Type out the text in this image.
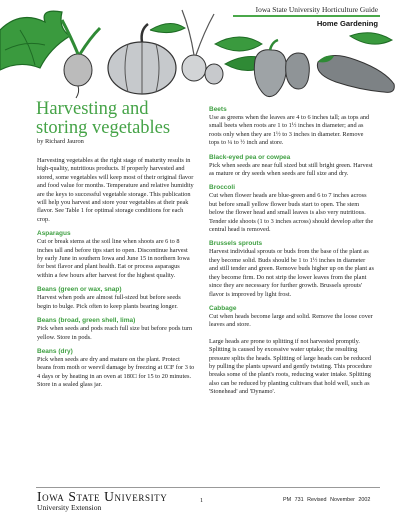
Iowa State University Horticulture Guide
Home Gardening
Harvesting and
storing vegetables
by Richard Jauron

Harvesting vegetables at the right stage of maturity results in high-quality, nutritious products. If properly harvested and stored, some vegetables will keep most of their original flavor and food value for months. Temperature and relative humidity are the keys to successful vegetable storage. This publication will help you harvest and store your vegetables at their peak flavor. See Table 1 for optimal storage conditions for each crop.

Asparagus

Cut or break stems at the soil line when shoots are 6 to 8 inches tall and before tips start to open. Discontinue harvest by early June in southern Iowa and June 15 in northern Iowa for best flavor and plant health. Eat or process asparagus within a few hours after harvest for the highest quality.

Beans (green or wax, snap)

Harvest when pods are almost full-sized but before seeds begin to bulge. Pick often to keep plants bearing longer.

Beans (broad, green shell, lima)

Pick when seeds and pods reach full size but before pods turn yellow. Store in pods.

Beans (dry)

Pick when seeds are dry and mature on the plant. Protect beans from moth or weevil damage by freezing at 0□F for 3 to 4 days or by heating in an oven at 180□ for 15 to 20 minutes. Store in a sealed glass jar.

Beets

Use as greens when the leaves are 4 to 6 inches tall; as tops and small beets when roots are 1 to 1½ inches in diameter; and as roots only when they are 1½ to 3 inches in diameter. Remove tops to ¼ to ½ inch and store.

Black-eyed pea or cowpea

Pick when seeds are near full sized but still bright green. Harvest as mature or dry seeds when seeds are full size and dry.

Broccoli

Cut when flower heads are blue-green and 6 to 7 inches across but before small yellow flower buds start to open. The stem below the flower head and small leaves is also very nutritious. Tender side shoots (1 to 3 inches across) should develop after the central head is removed.

Brussels sprouts

Harvest individual sprouts or buds from the base of the plant as they become solid. Buds should be 1 to 1½ inches in diameter and still tender and green. Remove buds higher up on the plant as they become firm. Do not strip the lower leaves from the plant since they are necessary for further growth. Brussels sprouts' flavor is improved by light frost.

Cabbage

Cut when heads become large and solid. Remove the loose cover leaves and store.

Large heads are prone to splitting if not harvested promptly. Splitting is caused by excessive water uptake; the resulting pressure splits the heads. Splitting of large heads can be reduced by pulling the plants upward and gently twisting. This procedure breaks some of the plant's roots, reducing water intake. Splitting also can be reduced by planting cultivars that hold well, such as 'Stonehead' and 'Dynamo'.

Iowa State University
University Extension
1	PM 731 Revised November 2002
